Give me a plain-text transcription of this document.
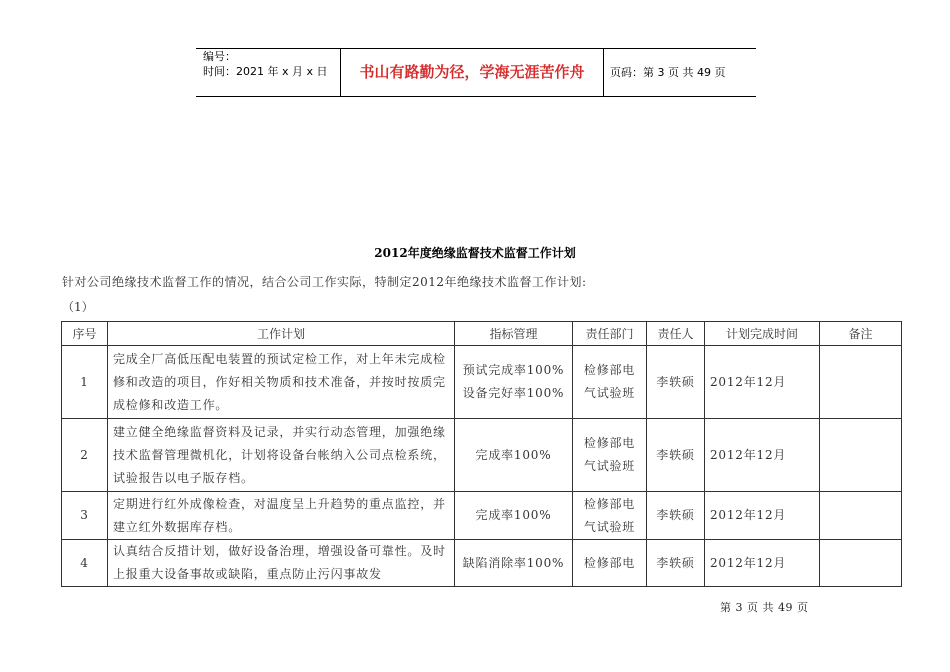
编号：
时间：2021 年 x 月 x 日	书山有路勤为径，学海无涯苦作舟	页码：第 3 页 共 49 页
2012年度绝缘监督技术监督工作计划
针对公司绝缘技术监督工作的情况，结合公司工作实际，特制定2012年绝缘技术监督工作计划:
（1）
序号	工作计划	指标管理	责任部门	责任人	计划完成时间	备注
1	完成全厂高低压配电装置的预试定检工作，对上年未完成检修和改造的项目，作好相关物质和技术准备，并按时按质完成检修和改造工作。	预试完成率100% 设备完好率100%	检修部电气试验班	李轶硕	2012年12月	
2	建立健全绝缘监督资料及记录，并实行动态管理，加强绝缘技术监督管理微机化，计划将设备台帐纳入公司点检系统，试验报告以电子版存档。	完成率100%	检修部电气试验班	李轶硕	2012年12月	
3	定期进行红外成像检查，对温度呈上升趋势的重点监控，并建立红外数据库存档。	完成率100%	检修部电气试验班	李轶硕	2012年12月	
4	认真结合反措计划，做好设备治理，增强设备可靠性。及时上报重大设备事故或缺陷，重点防止污闪事故发	缺陷消除率100%	检修部电	李轶硕	2012年12月	
第 3 页 共 49 页
